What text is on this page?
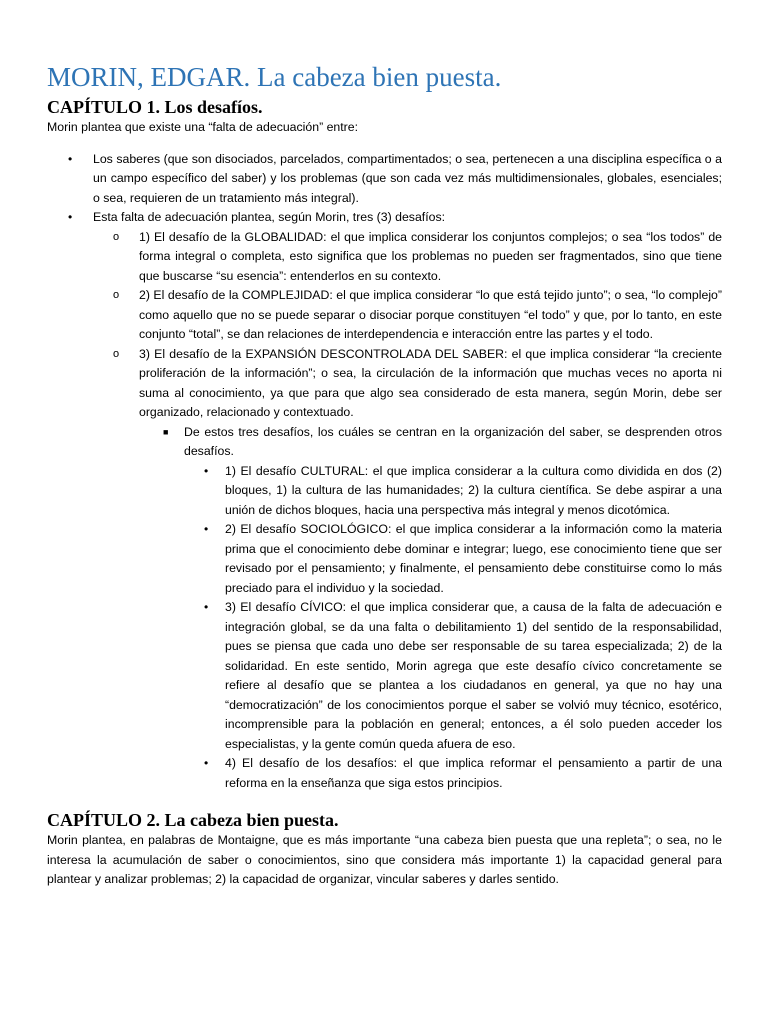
MORIN, EDGAR. La cabeza bien puesta.
CAPÍTULO 1. Los desafíos.

Morin plantea que existe una “falta de adecuación” entre:

• Los saberes (que son disociados, parcelados, compartimentados; o sea, pertenecen a una disciplina específica o a un campo específico del saber) y los problemas (que son cada vez más multidimensionales, globales, esenciales; o sea, requieren de un tratamiento más integral).
• Esta falta de adecuación plantea, según Morin, tres (3) desafíos:
o 1) El desafío de la GLOBALIDAD: el que implica considerar los conjuntos complejos; o sea “los todos” de forma integral o completa, esto significa que los problemas no pueden ser fragmentados, sino que tiene que buscarse “su esencia”: entenderlos en su contexto.
o 2) El desafío de la COMPLEJIDAD: el que implica considerar “lo que está tejido junto”; o sea, “lo complejo” como aquello que no se puede separar o disociar porque constituyen “el todo” y que, por lo tanto, en este conjunto “total”, se dan relaciones de interdependencia e interacción entre las partes y el todo.
o 3) El desafío de la EXPANSIÓN DESCONTROLADA DEL SABER: el que implica considerar “la creciente proliferación de la información”; o sea, la circulación de la información que muchas veces no aporta ni suma al conocimiento, ya que para que algo sea considerado de esta manera, según Morin, debe ser organizado, relacionado y contextuado.
■ De estos tres desafíos, los cuáles se centran en la organización del saber, se desprenden otros desafíos.
• 1) El desafío CULTURAL: el que implica considerar a la cultura como dividida en dos (2) bloques, 1) la cultura de las humanidades; 2) la cultura científica. Se debe aspirar a una unión de dichos bloques, hacia una perspectiva más integral y menos dicotómica.
• 2) El desafío SOCIOLÓGICO: el que implica considerar a la información como la materia prima que el conocimiento debe dominar e integrar; luego, ese conocimiento tiene que ser revisado por el pensamiento; y finalmente, el pensamiento debe constituirse como lo más preciado para el individuo y la sociedad.
• 3) El desafío CÍVICO: el que implica considerar que, a causa de la falta de adecuación e integración global, se da una falta o debilitamiento 1) del sentido de la responsabilidad, pues se piensa que cada uno debe ser responsable de su tarea especializada; 2) de la solidaridad. En este sentido, Morin agrega que este desafío cívico concretamente se refiere al desafío que se plantea a los ciudadanos en general, ya que no hay una “democratización” de los conocimientos porque el saber se volvió muy técnico, esotérico, incomprensible para la población en general; entonces, a él solo pueden acceder los especialistas, y la gente común queda afuera de eso.
• 4) El desafío de los desafíos: el que implica reformar el pensamiento a partir de una reforma en la enseñanza que siga estos principios.
CAPÍTULO 2. La cabeza bien puesta.

Morin plantea, en palabras de Montaigne, que es más importante “una cabeza bien puesta que una repleta”; o sea, no le interesa la acumulación de saber o conocimientos, sino que considera más importante 1) la capacidad general para plantear y analizar problemas; 2) la capacidad de organizar, vincular saberes y darles sentido.
